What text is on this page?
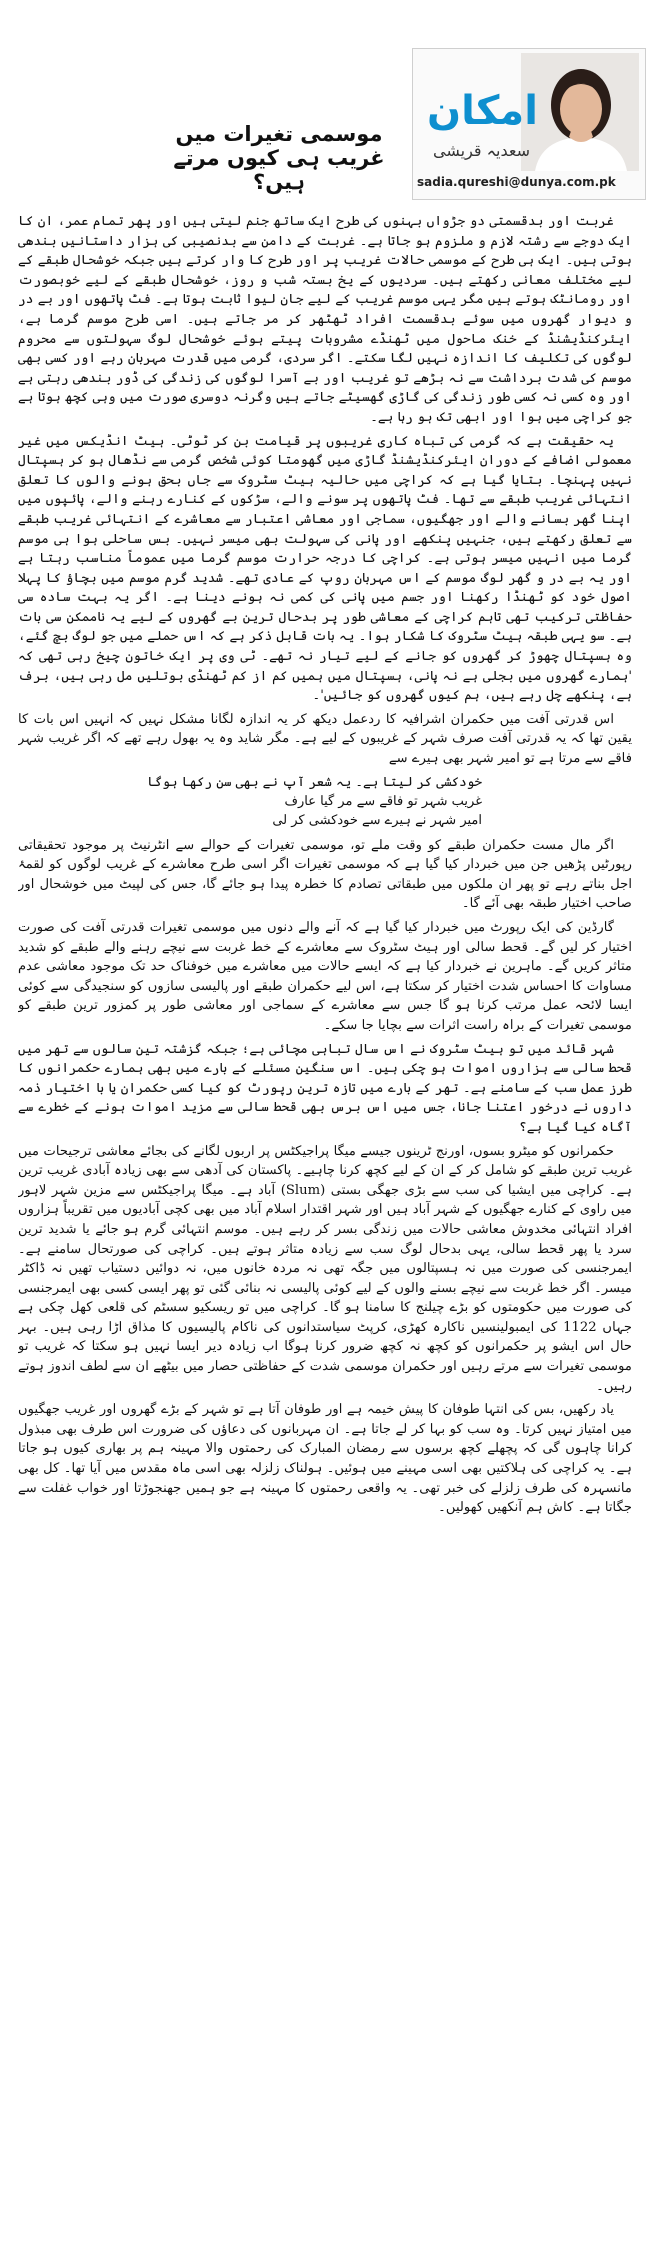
موسمی تغیرات میں غریب ہی کیوں مرتے ہیں؟
امکان
سعدیہ قریشی
sadia.qureshi@dunya.com.pk

غربت اور بدقسمتی دو جڑواں بہنوں کی طرح ایک ساتھ جنم لیتی ہیں اور پھر تمام عمر، ان کا ایک دوجے سے رشتہ لازم و ملزوم ہو جاتا ہے۔ غربت کے دامن سے بدنصیبی کی ہزار داستانیں بندھی ہوتی ہیں۔ ایک ہی طرح کے موسمی حالات غریب پر اور طرح کا وار کرتے ہیں جبکہ خوشحال طبقے کے لیے مختلف معانی رکھتے ہیں۔ سردیوں کے یخ بستہ شب و روز، خوشحال طبقے کے لیے خوبصورت اور رومانٹک ہوتے ہیں مگر یہی موسم غریب کے لیے جان لیوا ثابت ہوتا ہے۔ فٹ پاتھوں اور بے در و دیوار گھروں میں سوئے بدقسمت افراد ٹھٹھر کر مر جاتے ہیں۔ اسی طرح موسم گرما ہے، ایئرکنڈیشنڈ کے خنک ماحول میں ٹھنڈے مشروبات پیتے ہوئے خوشحال لوگ سہولتوں سے محروم لوگوں کی تکلیف کا اندازہ نہیں لگا سکتے۔ اگر سردی، گرمی میں قدرت مہربان رہے اور کسی بھی موسم کی شدت برداشت سے نہ بڑھے تو غریب اور بے آسرا لوگوں کی زندگی کی ڈور بندھی رہتی ہے اور وہ کسی نہ کسی طور زندگی کی گاڑی گھسیٹے جاتے ہیں وگرنہ دوسری صورت میں وہی کچھ ہوتا ہے جو کراچی میں ہوا اور ابھی تک ہو رہا ہے۔

یہ حقیقت ہے کہ گرمی کی تباہ کاری غریبوں پر قیامت بن کر ٹوٹی۔ ہیٹ انڈیکس میں غیر معمولی اضافے کے دوران ایئرکنڈیشنڈ گاڑی میں گھومتا کوئی شخص گرمی سے نڈھال ہو کر ہسپتال نہیں پہنچا۔ بتایا گیا ہے کہ کراچی میں حالیہ ہیٹ سٹروک سے جاں بحق ہونے والوں کا تعلق انتہائی غریب طبقے سے تھا۔ فٹ پاتھوں پر سونے والے، سڑکوں کے کنارے رہنے والے، پائپوں میں اپنا گھر بسانے والے اور جھگیوں، سماجی اور معاشی اعتبار سے معاشرے کے انتہائی غریب طبقے سے تعلق رکھتے ہیں، جنہیں پنکھے اور پانی کی سہولت بھی میسر نہیں۔ بس ساحلی ہوا ہی موسم گرما میں انہیں میسر ہوتی ہے۔ کراچی کا درجہ حرارت موسم گرما میں عموماً مناسب رہتا ہے اور یہ بے در و گھر لوگ موسم کے اس مہربان روپ کے عادی تھے۔ شدید گرم موسم میں بچاؤ کا پہلا اصول خود کو ٹھنڈا رکھنا اور جسم میں پانی کی کمی نہ ہونے دینا ہے۔ اگر یہ بہت سادہ سی حفاظتی ترکیب تھی تاہم کراچی کے معاشی طور پر بدحال ترین بے گھروں کے لیے یہ ناممکن سی بات ہے۔ سو یہی طبقہ ہیٹ سٹروک کا شکار ہوا۔ یہ بات قابل ذکر ہے کہ اس حملے میں جو لوگ بچ گئے، وہ ہسپتال چھوڑ کر گھروں کو جانے کے لیے تیار نہ تھے۔ ٹی وی پر ایک خاتون چیخ رہی تھی کہ 'ہمارے گھروں میں بجلی ہے نہ پانی، ہسپتال میں ہمیں کم از کم ٹھنڈی بوتلیں مل رہی ہیں، برف ہے، پنکھے چل رہے ہیں، ہم کیوں گھروں کو جائیں'۔

اس قدرتی آفت میں حکمران اشرافیہ کا ردعمل دیکھ کر یہ اندازہ لگانا مشکل نہیں کہ انہیں اس بات کا یقین تھا کہ یہ قدرتی آفت صرف شہر کے غریبوں کے لیے ہے۔ مگر شاید وہ یہ بھول رہے تھے کہ اگر غریب شہر فاقے سے مرتا ہے تو امیر شہر بھی ہیرے سے

خودکشی کر لیتا ہے۔ یہ شعر آپ نے بھی سن رکھا ہوگا
غریب شہر تو فاقے سے مر گیا عارف
امیر شہر نے ہیرے سے خودکشی کر لی

اگر مال مست حکمران طبقے کو وقت ملے تو، موسمی تغیرات کے حوالے سے انٹرنیٹ پر موجود تحقیقاتی رپورٹیں پڑھیں جن میں خبردار کیا گیا ہے کہ موسمی تغیرات اگر اسی طرح معاشرے کے غریب لوگوں کو لقمۂ اجل بناتے رہے تو پھر ان ملکوں میں طبقاتی تصادم کا خطرہ پیدا ہو جائے گا، جس کی لپیٹ میں خوشحال اور صاحب اختیار طبقہ بھی آئے گا۔

گارڈین کی ایک رپورٹ میں خبردار کیا گیا ہے کہ آنے والے دنوں میں موسمی تغیرات قدرتی آفت کی صورت اختیار کر لیں گے۔ قحط سالی اور ہیٹ سٹروک سے معاشرے کے خط غربت سے نیچے رہنے والے طبقے کو شدید متاثر کریں گے۔ ماہرین نے خبردار کیا ہے کہ ایسے حالات میں معاشرے میں خوفناک حد تک موجود معاشی عدم مساوات کا احساس شدت اختیار کر سکتا ہے، اس لیے حکمران طبقے اور پالیسی سازوں کو سنجیدگی سے کوئی ایسا لائحہ عمل مرتب کرنا ہو گا جس سے معاشرے کے سماجی اور معاشی طور پر کمزور ترین طبقے کو موسمی تغیرات کے براہ راست اثرات سے بچایا جا سکے۔

شہر قائد میں تو ہیٹ سٹروک نے اس سال تباہی مچائی ہے؛ جبکہ گزشتہ تین سالوں سے تھر میں قحط سالی سے ہزاروں اموات ہو چکی ہیں۔ اس سنگین مسئلے کے بارے میں بھی ہمارے حکمرانوں کا طرز عمل سب کے سامنے ہے۔ تھر کے بارے میں تازہ ترین رپورٹ کو کیا کسی حکمران یا با اختیار ذمہ داروں نے درخور اعتنا جانا، جس میں اس برس بھی قحط سالی سے مزید اموات ہونے کے خطرے سے آگاہ کیا گیا ہے؟

حکمرانوں کو میٹرو بسوں، اورنج ٹرینوں جیسے میگا پراجیکٹس پر اربوں لگانے کی بجائے معاشی ترجیحات میں غریب ترین طبقے کو شامل کر کے ان کے لیے کچھ کرنا چاہیے۔ پاکستان کی آدھی سے بھی زیادہ آبادی غریب ترین ہے۔ کراچی میں ایشیا کی سب سے بڑی جھگی بستی (Slum) آباد ہے۔ میگا پراجیکٹس سے مزین شہر لاہور میں راوی کے کنارے جھگیوں کے شہر آباد ہیں اور شہر اقتدار اسلام آباد میں بھی کچی آبادیوں میں تقریباً ہزاروں افراد انتہائی مخدوش معاشی حالات میں زندگی بسر کر رہے ہیں۔ موسم انتہائی گرم ہو جائے یا شدید ترین سرد یا پھر قحط سالی، یہی بدحال لوگ سب سے زیادہ متاثر ہوتے ہیں۔ کراچی کی صورتحال سامنے ہے۔ ایمرجنسی کی صورت میں نہ ہسپتالوں میں جگہ تھی نہ مردہ خانوں میں، نہ دوائیں دستیاب تھیں نہ ڈاکٹر میسر۔ اگر خط غربت سے نیچے بسنے والوں کے لیے کوئی پالیسی نہ بنائی گئی تو پھر ایسی کسی بھی ایمرجنسی کی صورت میں حکومتوں کو بڑے چیلنج کا سامنا ہو گا۔ کراچی میں تو ریسکیو سسٹم کی قلعی کھل چکی ہے جہاں 1122 کی ایمبولینسیں ناکارہ کھڑی، کرپٹ سیاستدانوں کی ناکام پالیسیوں کا مذاق اڑا رہی ہیں۔ بہر حال اس ایشو پر حکمرانوں کو کچھ نہ کچھ ضرور کرنا ہوگا اب زیادہ دیر ایسا نہیں ہو سکتا کہ غریب تو موسمی تغیرات سے مرتے رہیں اور حکمران موسمی شدت کے حفاظتی حصار میں بیٹھے ان سے لطف اندوز ہوتے رہیں۔

یاد رکھیں، بس کی انتہا طوفان کا پیش خیمہ ہے اور طوفان آتا ہے تو شہر کے بڑے گھروں اور غریب جھگیوں میں امتیاز نہیں کرتا۔ وہ سب کو بہا کر لے جاتا ہے۔ ان مہربانوں کی دعاؤں کی ضرورت اس طرف بھی مبذول کرانا چاہوں گی کہ پچھلے کچھ برسوں سے رمضان المبارک کی رحمتوں والا مہینہ ہم پر بھاری کیوں ہو جاتا ہے۔ یہ کراچی کی ہلاکتیں بھی اسی مہینے میں ہوئیں۔ ہولناک زلزلہ بھی اسی ماہ مقدس میں آیا تھا۔ کل بھی مانسہرہ کی طرف زلزلے کی خبر تھی۔ یہ واقعی رحمتوں کا مہینہ ہے جو ہمیں جھنجوڑتا اور خواب غفلت سے جگاتا ہے۔ کاش ہم آنکھیں کھولیں۔
